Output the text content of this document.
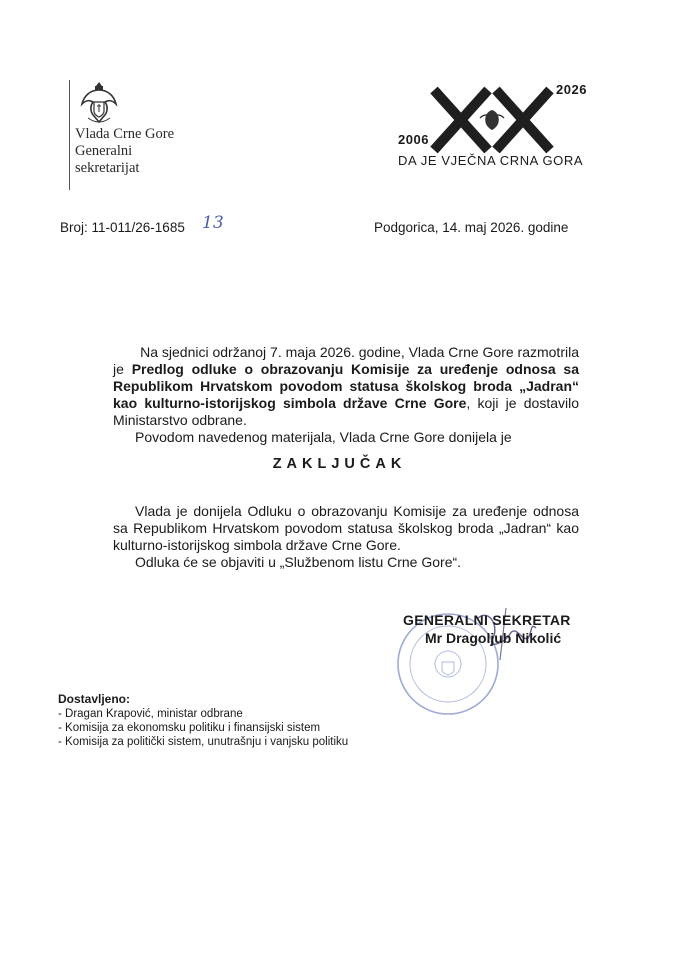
Vlada Crne Gore
Generalni
sekretarijat
2006
2026
DA JE VJEČNA CRNA GORA
Broj: 11-011/26-1685 13	Podgorica, 14. maj 2026. godine
Na sjednici održanoj 7. maja 2026. godine, Vlada Crne Gore razmotrila
je Predlog odluke o obrazovanju Komisije za uređenje odnosa sa Republikom Hrvatskom povodom statusa školskog broda „Jadran“ kao kulturno-istorijskog simbola države Crne Gore, koji je dostavilo Ministarstvo odbrane.
Povodom navedenog materijala, Vlada Crne Gore donijela je
ZAKLJUČAK
Vlada je donijela Odluku o obrazovanju Komisije za uređenje odnosa sa Republikom Hrvatskom povodom statusa školskog broda „Jadran“ kao kulturno-istorijskog simbola države Crne Gore.
Odluka će se objaviti u „Službenom listu Crne Gore“.
GENERALNI SEKRETAR
Mr Dragoljub Nikolić
Dostavljeno:
- Dragan Krapović, ministar odbrane
- Komisija za ekonomsku politiku i finansijski sistem
- Komisija za politički sistem, unutrašnju i vanjsku politiku
